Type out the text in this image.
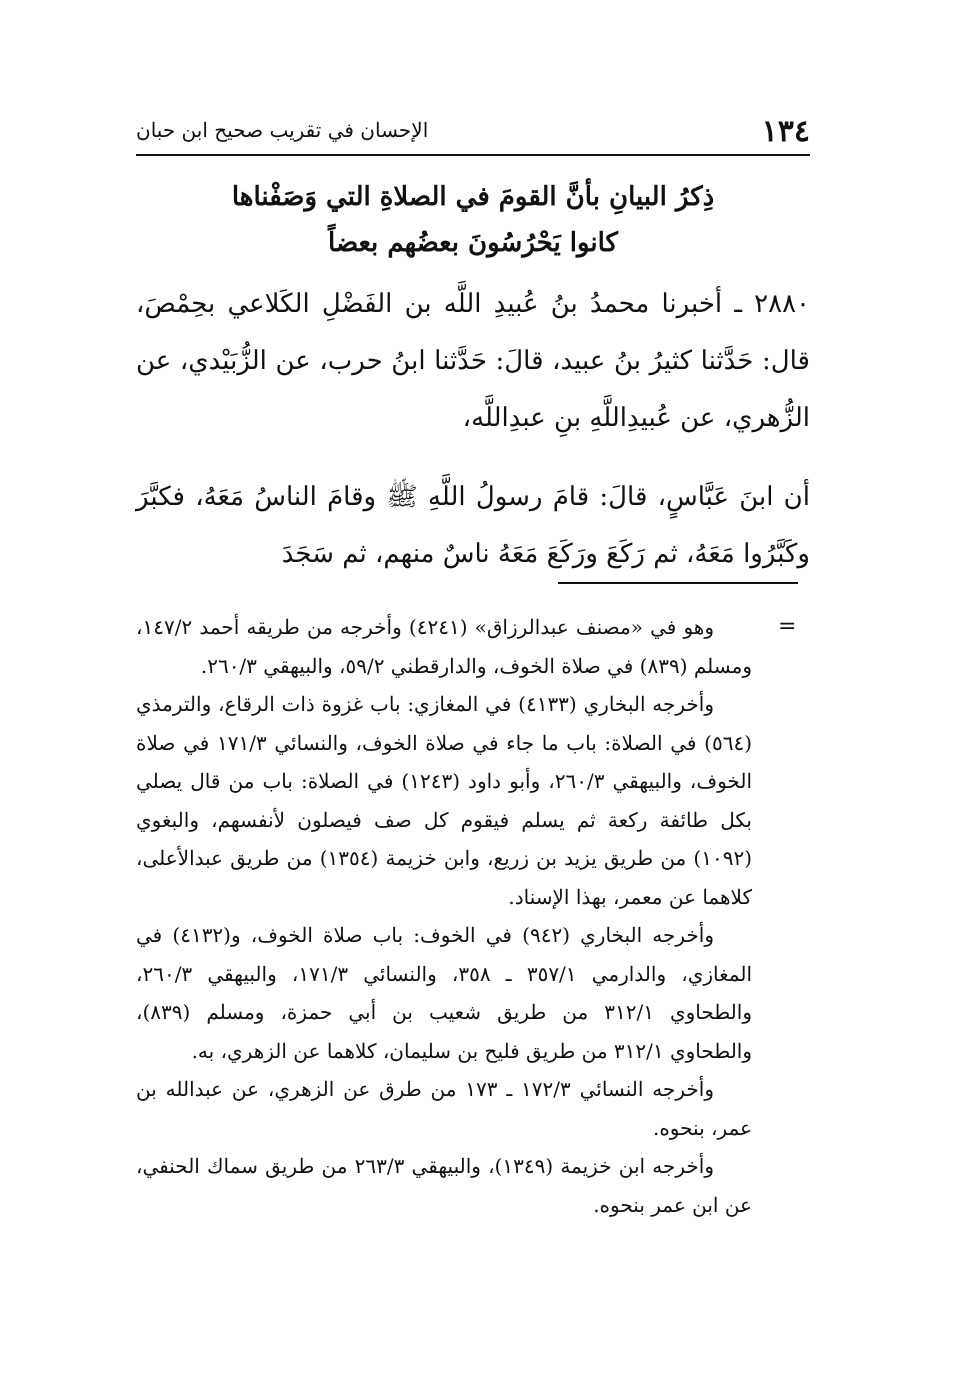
١٣٤
الإحسان في تقريب صحيح ابن حبان
ذِكرُ البيانِ بأنَّ القومَ في الصلاةِ التي وَصَفْناها
كانوا يَحْرُسُونَ بعضُهم بعضاً

٢٨٨٠ ـ أخبرنا محمدُ بنُ عُبيدِ اللَّه بن الفَضْلِ الكَلاعي بحِمْصَ، قال: حَدَّثنا كثيرُ بنُ عبيد، قالَ: حَدَّثنا ابنُ حرب، عن الزُّبَيْدي، عن الزُّهري، عن عُبيدِاللَّهِ بنِ عبدِاللَّه،

أن ابنَ عَبَّاسٍ، قالَ: قامَ رسولُ اللَّهِ ﷺ وقامَ الناسُ مَعَهُ، فكبَّرَ وكَبَّرُوا مَعَهُ، ثم رَكَعَ ورَكَعَ مَعَهُ ناسٌ منهم، ثم سَجَدَ

=

وهو في «مصنف عبدالرزاق» (٤٢٤١) وأخرجه من طريقه أحمد ١٤٧/٢، ومسلم (٨٣٩) في صلاة الخوف، والدارقطني ٥٩/٢، والبيهقي ٢٦٠/٣.

وأخرجه البخاري (٤١٣٣) في المغازي: باب غزوة ذات الرقاع، والترمذي (٥٦٤) في الصلاة: باب ما جاء في صلاة الخوف، والنسائي ١٧١/٣ في صلاة الخوف، والبيهقي ٢٦٠/٣، وأبو داود (١٢٤٣) في الصلاة: باب من قال يصلي بكل طائفة ركعة ثم يسلم فيقوم كل صف فيصلون لأنفسهم، والبغوي (١٠٩٢) من طريق يزيد بن زريع، وابن خزيمة (١٣٥٤) من طريق عبدالأعلى، كلاهما عن معمر، بهذا الإسناد.

وأخرجه البخاري (٩٤٢) في الخوف: باب صلاة الخوف، و(٤١٣٢) في المغازي، والدارمي ٣٥٧/١ ـ ٣٥٨، والنسائي ١٧١/٣، والبيهقي ٢٦٠/٣، والطحاوي ٣١٢/١ من طريق شعيب بن أبي حمزة، ومسلم (٨٣٩)، والطحاوي ٣١٢/١ من طريق فليح بن سليمان، كلاهما عن الزهري، به.

وأخرجه النسائي ١٧٢/٣ ـ ١٧٣ من طرق عن الزهري، عن عبدالله بن عمر، بنحوه.

وأخرجه ابن خزيمة (١٣٤٩)، والبيهقي ٢٦٣/٣ من طريق سماك الحنفي، عن ابن عمر بنحوه.
